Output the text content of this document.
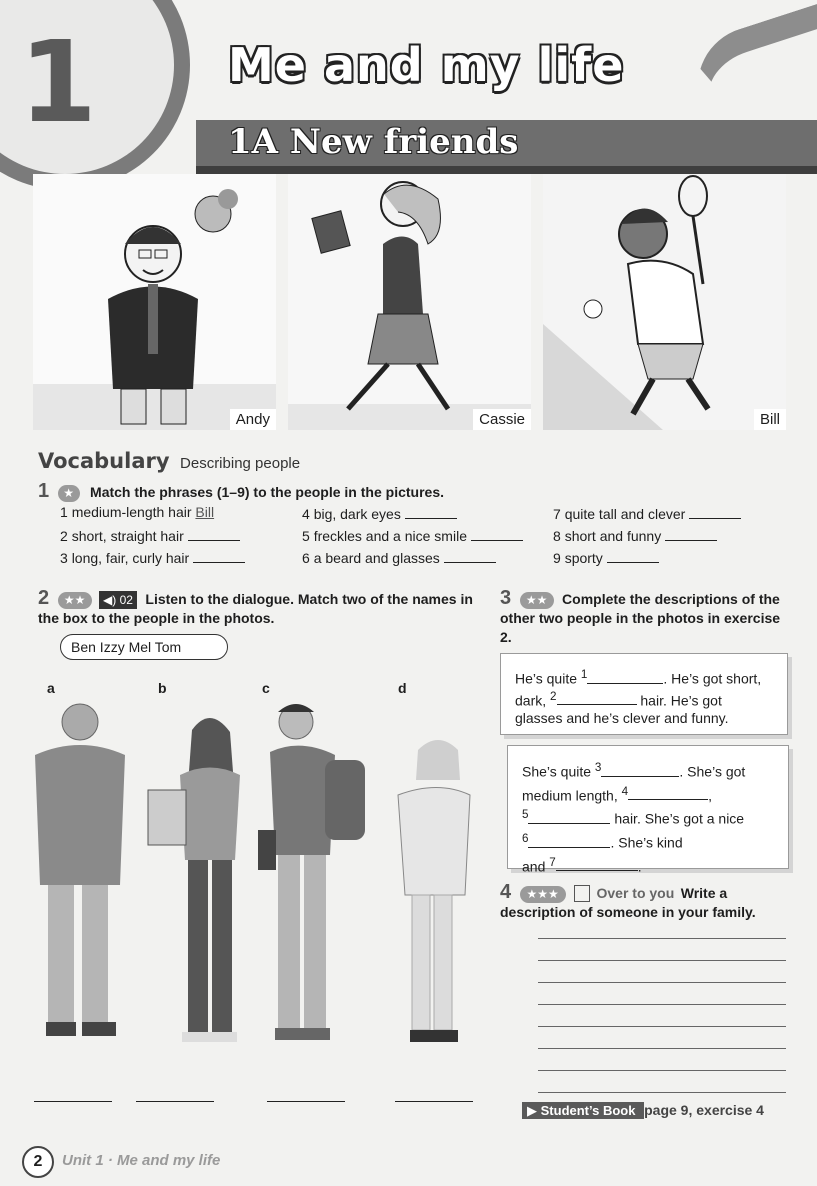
1	Me and my life
1A New friends
Andy	Cassie	Bill
Vocabulary Describing people
1 ★ Match the phrases (1–9) to the people in the pictures.
1 medium-length hair Bill
2 short, straight hair
3 long, fair, curly hair
4 big, dark eyes
5 freckles and a nice smile
6 a beard and glasses
7 quite tall and clever
8 short and funny
9 sporty
2 ★★ ◀) 02 Listen to the dialogue. Match two of the names in the box to the people in the photos.
Ben Izzy Mel Tom
a	b	c	d
3 ★★ Complete the descriptions of the other two people in the photos in exercise 2.
He’s quite $^1$	. He’s got short, dark, $^2$	hair. He’s got glasses and he’s clever and funny.
She’s quite $^3$	. She’s got medium length, $^4$	,
$^5$	hair. She’s got a nice
$^6$	. She’s kind
and $^7$	.
4 ★★★	Over to you Write a description of someone in your family.
▶ Student’s Book page 9, exercise 4
2	Unit 1 · Me and my life
